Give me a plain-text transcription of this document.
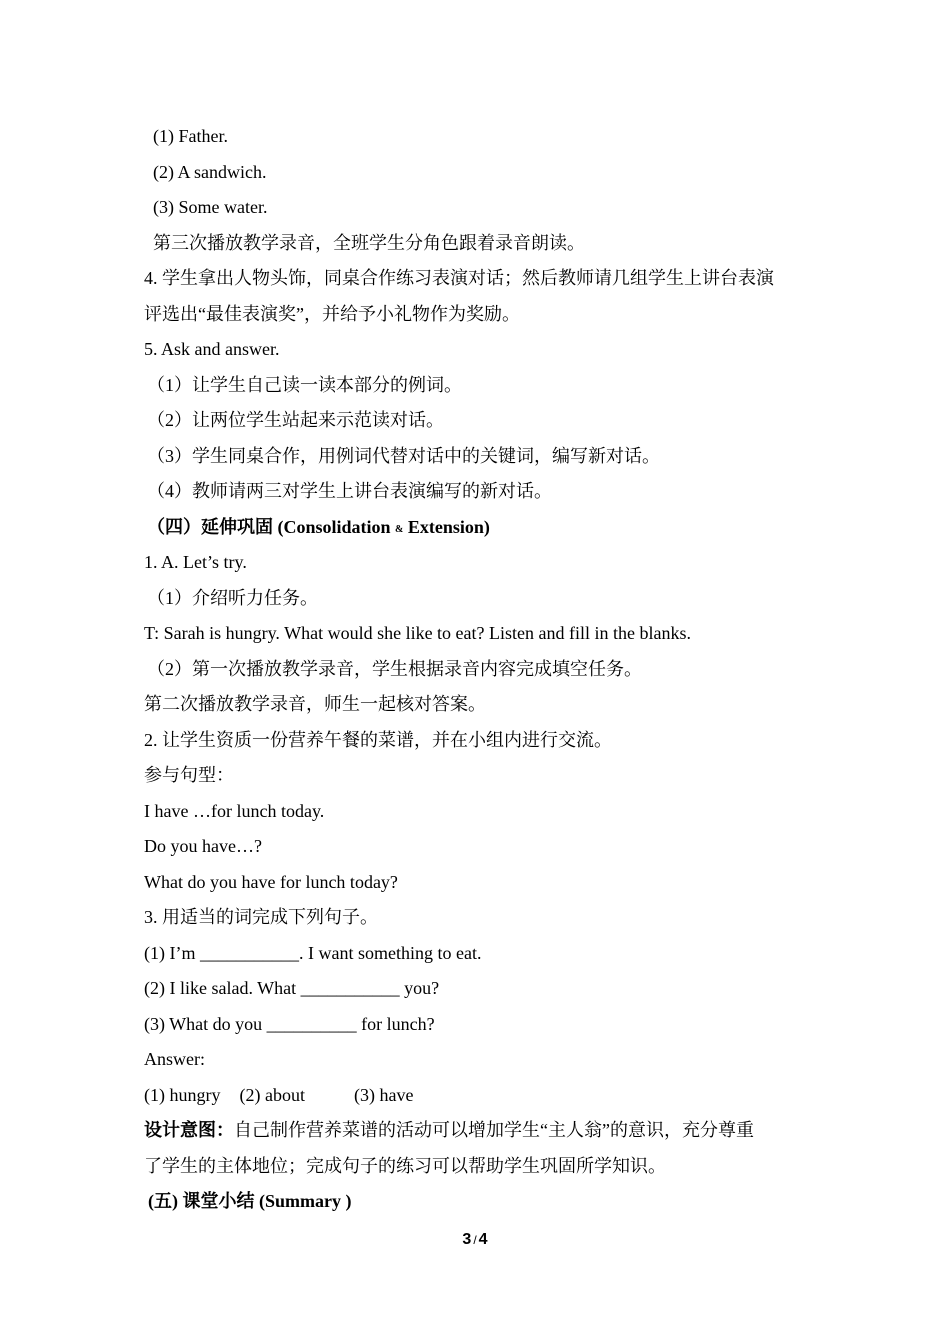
(1) Father.
(2) A sandwich.
(3) Some water.
第三次播放教学录音，全班学生分角色跟着录音朗读。
4. 学生拿出人物头饰，同桌合作练习表演对话；然后教师请几组学生上讲台表演
评选出“最佳表演奖”，并给予小礼物作为奖励。
5. Ask and answer.
（1）让学生自己读一读本部分的例词。
（2）让两位学生站起来示范读对话。
（3）学生同桌合作，用例词代替对话中的关键词，编写新对话。
（4）教师请两三对学生上讲台表演编写的新对话。
（四）延伸巩固 (Consolidation & Extension)
1. A. Let’s try.
（1）介绍听力任务。
T: Sarah is hungry. What would she like to eat? Listen and fill in the blanks.
（2）第一次播放教学录音，学生根据录音内容完成填空任务。
第二次播放教学录音，师生一起核对答案。
2. 让学生资质一份营养午餐的菜谱，并在小组内进行交流。
参与句型：
I have …for lunch today.
Do you have…?
What do you have for lunch today?
3. 用适当的词完成下列句子。
(1) I’m ___________. I want something to eat.
(2) I like salad. What ___________ you?
(3) What do you __________ for lunch?
Answer:
(1) hungry (2) about	(3) have
设计意图：自己制作营养菜谱的活动可以增加学生“主人翁”的意识，充分尊重
了学生的主体地位；完成句子的练习可以帮助学生巩固所学知识。
(五) 课堂小结 (Summary )
3 / 4
